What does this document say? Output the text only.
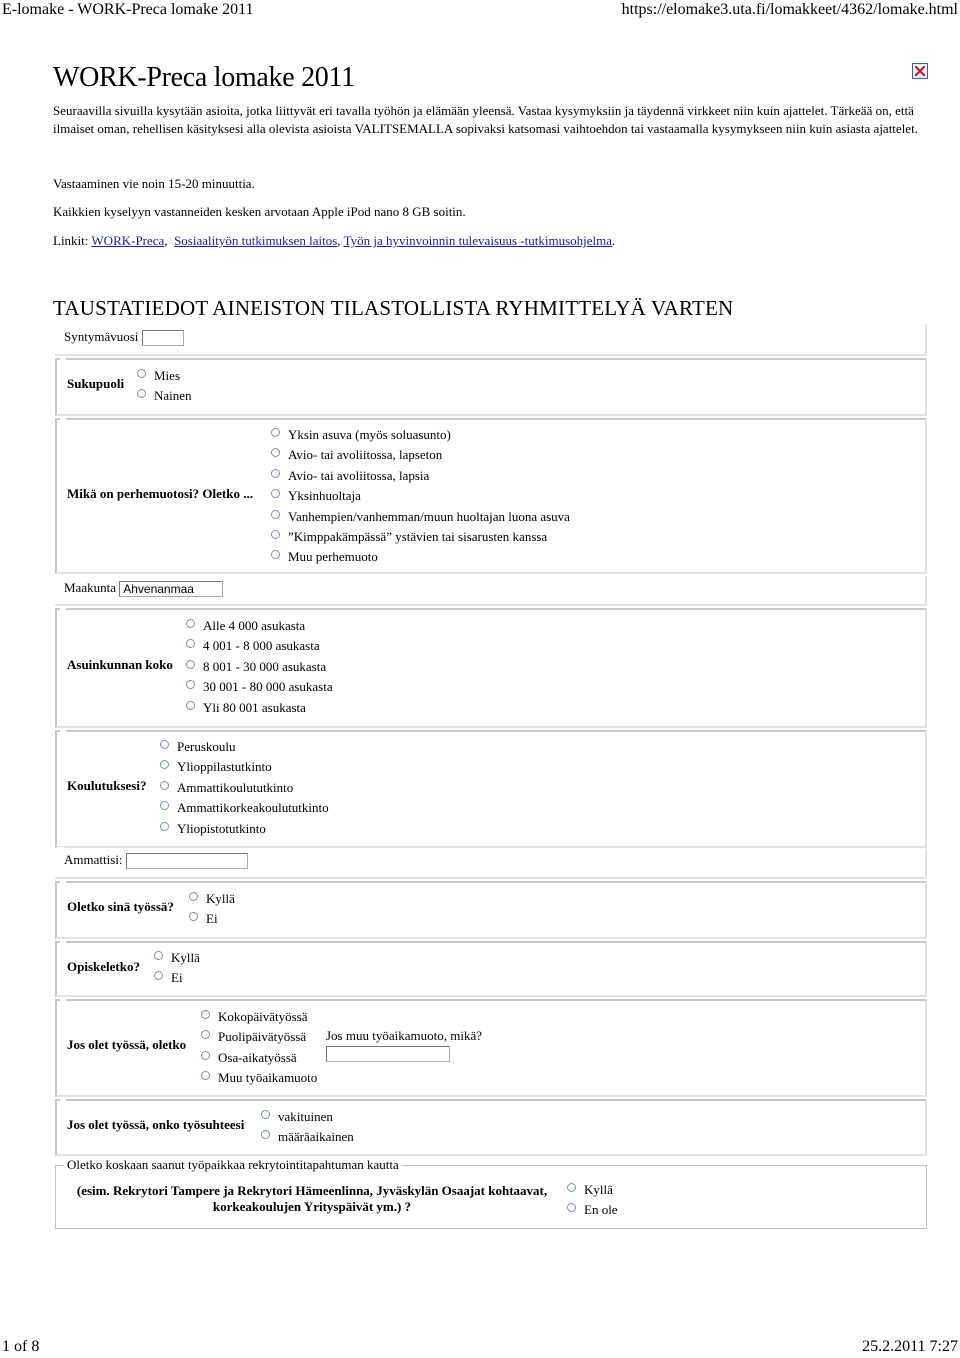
E-lomake - WORK-Preca lomake 2011	https://elomake3.uta.fi/lomakkeet/4362/lomake.html
WORK-Preca lomake 2011
Seuraavilla sivuilla kysytään asioita, jotka liittyvät eri tavalla työhön ja elämään yleensä. Vastaa kysymyksiin ja täydennä virkkeet niin kuin ajattelet. Tärkeää on, että ilmaiset oman, rehellisen käsityksesi alla olevista asioista VALITSEMALLA sopivaksi katsomasi vaihtoehdon tai vastaamalla kysymykseen niin kuin asiasta ajattelet.
Vastaaminen vie noin 15-20 minuuttia.
Kaikkien kyselyyn vastanneiden kesken arvotaan Apple iPod nano 8 GB soitin.
Linkit: WORK-Preca,  Sosiaalityön tutkimuksen laitos, Työn ja hyvinvoinnin tulevaisuus -tutkimusohjelma.
TAUSTATIEDOT AINEISTON TILASTOLLISTA RYHMITTELYÄ VARTEN
Syntymävuosi
Sukupuoli
Mies
Nainen
Mikä on perhemuotosi? Oletko ...
Yksin asuva (myös soluasunto)
Avio- tai avoliitossa, lapseton
Avio- tai avoliitossa, lapsia
Yksinhuoltaja
Vanhempien/vanhemman/muun huoltajan luona asuva
”Kimppakämpässä” ystävien tai sisarusten kanssa
Muu perhemuoto
Maakunta Ahvenanmaa
Asuinkunnan koko
Alle 4 000 asukasta
4 001 - 8 000 asukasta
8 001 - 30 000 asukasta
30 001 - 80 000 asukasta
Yli 80 001 asukasta
Koulutuksesi?
Peruskoulu
Ylioppilastutkinto
Ammattikoulututkinto
Ammattikorkeakoulututkinto
Yliopistotutkinto
Ammattisi:
Oletko sinä työssä?
Kyllä
Ei
Opiskeletko?
Kyllä
Ei
Jos olet työssä, oletko
Kokopäivätyössä
Puolipäivätyössä
Osa-aikatyössä
Muu työaikamuoto
Jos muu työaikamuoto, mikä?
Jos olet työssä, onko työsuhteesi
vakituinen
määräaikainen
Oletko koskaan saanut työpaikkaa rekrytointitapahtuman kautta
(esim. Rekrytori Tampere ja Rekrytori Hämeenlinna, Jyväskylän Osaajat kohtaavat,
korkeakoulujen Yrityspäivät ym.) ?
Kyllä
En ole
1 of 8	25.2.2011 7:27
